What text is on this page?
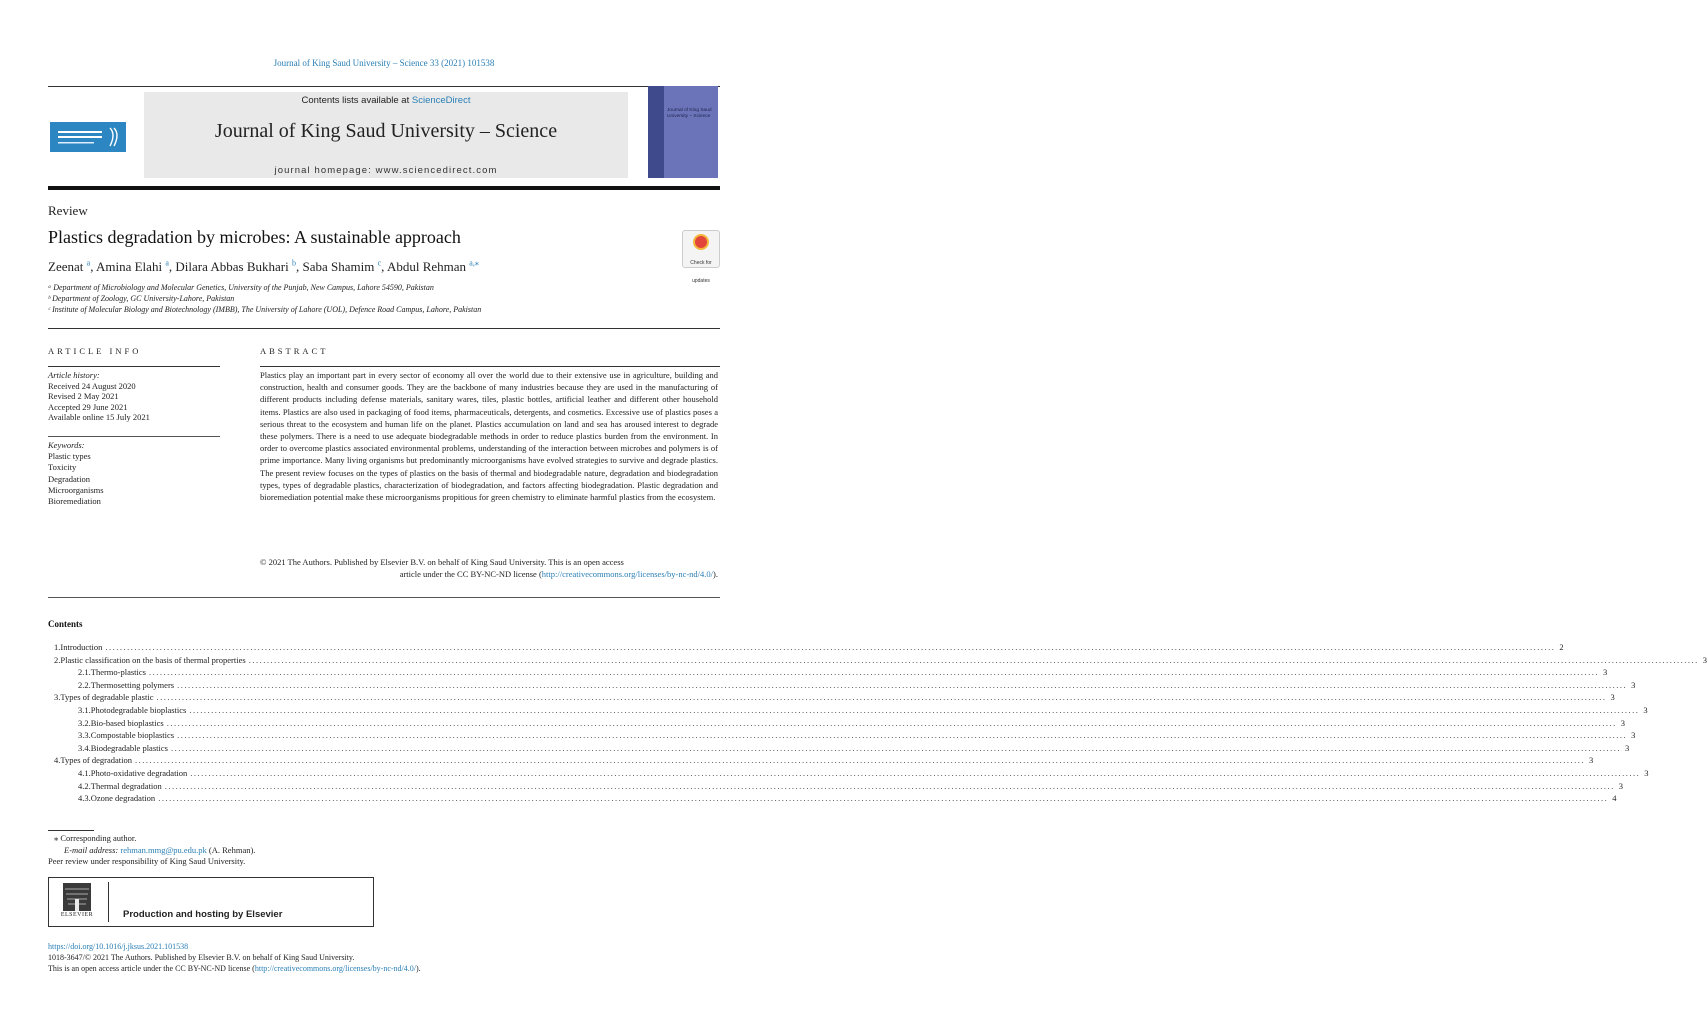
Journal of King Saud University – Science 33 (2021) 101538
Contents lists available at ScienceDirect
Journal of King Saud University – Science
journal homepage: www.sciencedirect.com
Journal of King Saud University – Science
Review
Plastics degradation by microbes: A sustainable approach
Zeenat $^a$, Amina Elahi $^a$, Dilara Abbas Bukhari $^b$, Saba Shamim $^c$, Abdul Rehman $^{a,⁎}$	Check for updates
ᵃ Department of Microbiology and Molecular Genetics, University of the Punjab, New Campus, Lahore 54590, Pakistan
ᵇ Department of Zoology, GC University-Lahore, Pakistan
ᶜ Institute of Molecular Biology and Biotechnology (IMBB), The University of Lahore (UOL), Defence Road Campus, Lahore, Pakistan
ARTICLE INFO
Article history:
Received 24 August 2020
Revised 2 May 2021
Accepted 29 June 2021
Available online 15 July 2021
Keywords:
Plastic types
Toxicity
Degradation
Microorganisms
Bioremediation
ABSTRACT
Plastics play an important part in every sector of economy all over the world due to their extensive use in agriculture, building and construction, health and consumer goods. They are the backbone of many industries because they are used in the manufacturing of different products including defense materials, sanitary wares, tiles, plastic bottles, artificial leather and different other household items. Plastics are also used in packaging of food items, pharmaceuticals, detergents, and cosmetics. Excessive use of plastics poses a serious threat to the ecosystem and human life on the planet. Plastics accumulation on land and sea has aroused interest to degrade these polymers. There is a need to use adequate biodegradable methods in order to reduce plastics burden from the environment. In order to overcome plastics associated environmental problems, understanding of the interaction between microbes and polymers is of prime importance. Many living organisms but predominantly microorganisms have evolved strategies to survive and degrade plastics. The present review focuses on the types of plastics on the basis of thermal and biodegradable nature, degradation and biodegradation types, types of degradable plastics, characterization of biodegradation, and factors affecting biodegradation. Plastic degradation and bioremediation potential make these microorganisms propitious for green chemistry to eliminate harmful plastics from the ecosystem.
© 2021 The Authors. Published by Elsevier B.V. on behalf of King Saud University. This is an open access
article under the CC BY-NC-ND license (http://creativecommons.org/licenses/by-nc-nd/4.0/).
Contents
1. Introduction ................................................................................................................................................................................................................................................................................................................................................................................................................ 2
2. Plastic classification on the basis of thermal properties ................................................................................................................................................................................................................................................................................................................................................................................................................ 3
2.1. Thermo-plastics ................................................................................................................................................................................................................................................................................................................................................................................................................ 3
2.2. Thermosetting polymers ................................................................................................................................................................................................................................................................................................................................................................................................................ 3
3. Types of degradable plastic ................................................................................................................................................................................................................................................................................................................................................................................................................ 3
3.1. Photodegradable bioplastics ................................................................................................................................................................................................................................................................................................................................................................................................................ 3
3.2. Bio-based bioplastics ................................................................................................................................................................................................................................................................................................................................................................................................................ 3
3.3. Compostable bioplastics ................................................................................................................................................................................................................................................................................................................................................................................................................ 3
3.4. Biodegradable plastics ................................................................................................................................................................................................................................................................................................................................................................................................................ 3
4. Types of degradation ................................................................................................................................................................................................................................................................................................................................................................................................................ 3
4.1. Photo-oxidative degradation ................................................................................................................................................................................................................................................................................................................................................................................................................ 3
4.2. Thermal degradation ................................................................................................................................................................................................................................................................................................................................................................................................................ 3
4.3. Ozone degradation ................................................................................................................................................................................................................................................................................................................................................................................................................ 4
⁎ Corresponding author.
E-mail address: rehman.mmg@pu.edu.pk (A. Rehman).
Peer review under responsibility of King Saud University.
ELSEVIER	Production and hosting by Elsevier
https://doi.org/10.1016/j.jksus.2021.101538
1018-3647/© 2021 The Authors. Published by Elsevier B.V. on behalf of King Saud University.
This is an open access article under the CC BY-NC-ND license (http://creativecommons.org/licenses/by-nc-nd/4.0/).
